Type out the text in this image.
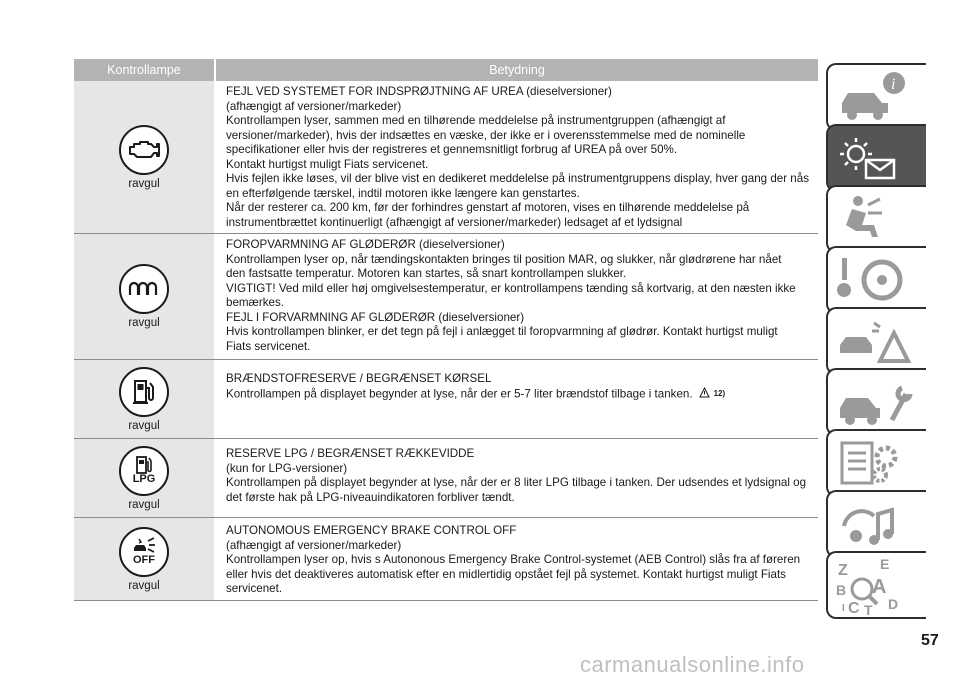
Kontrollampe	Betydning
ravgul

FEJL VED SYSTEMET FOR INDSPRØJTNING AF UREA (dieselversioner)

(afhængigt af versioner/markeder)

Kontrollampen lyser, sammen med en tilhørende meddelelse på instrumentgruppen (afhængigt af

versioner/markeder), hvis der indsættes en væske, der ikke er i overensstemmelse med de nominelle

specifikationer eller hvis der registreres et gennemsnitligt forbrug af UREA på over 50%.

Kontakt hurtigst muligt Fiats servicenet.

Hvis fejlen ikke løses, vil der blive vist en dedikeret meddelelse på instrumentgruppens display, hver gang der nås

en efterfølgende tærskel, indtil motoren ikke længere kan genstartes.

Når der resterer ca. 200 km, før der forhindres genstart af motoren, vises en tilhørende meddelelse på

instrumentbrættet kontinuerligt (afhængigt af versioner/markeder) ledsaget af et lydsignal

ravgul

FOROPVARMNING AF GLØDERØR (dieselversioner)

Kontrollampen lyser op, når tændingskontakten bringes til position MAR, og slukker, når glødrørene har nået

den fastsatte temperatur. Motoren kan startes, så snart kontrollampen slukker.

VIGTIGT! Ved mild eller høj omgivelsestemperatur, er kontrollampens tænding så kortvarig, at den næsten ikke

bemærkes.

FEJL I FORVARMNING AF GLØDERØR (dieselversioner)

Hvis kontrollampen blinker, er det tegn på fejl i anlægget til foropvarmning af glødrør. Kontakt hurtigst muligt

Fiats servicenet.

ravgul

BRÆNDSTOFRESERVE / BEGRÆNSET KØRSEL

Kontrollampen på displayet begynder at lyse, når der er 5-7 liter brændstof tilbage i tanken.	12)

LPG
ravgul

RESERVE LPG / BEGRÆNSET RÆKKEVIDDE

(kun for LPG-versioner)

Kontrollampen på displayet begynder at lyse, når der er 8 liter LPG tilbage i tanken. Der udsendes et lydsignal og

det første hak på LPG-niveauindikatoren forbliver tændt.

OFF
ravgul

AUTONOMOUS EMERGENCY BRAKE CONTROL OFF

(afhængigt af versioner/markeder)

Kontrollampen lyser op, hvis s Autononous Emergency Brake Control-systemet (AEB Control) slås fra af føreren

eller hvis det deaktiveres automatisk efter en midlertidig opstået fejl på systemet. Kontakt hurtigst muligt Fiats

servicenet.

i
Z E
B A
C T D
I
57
carmanualsonline.info
